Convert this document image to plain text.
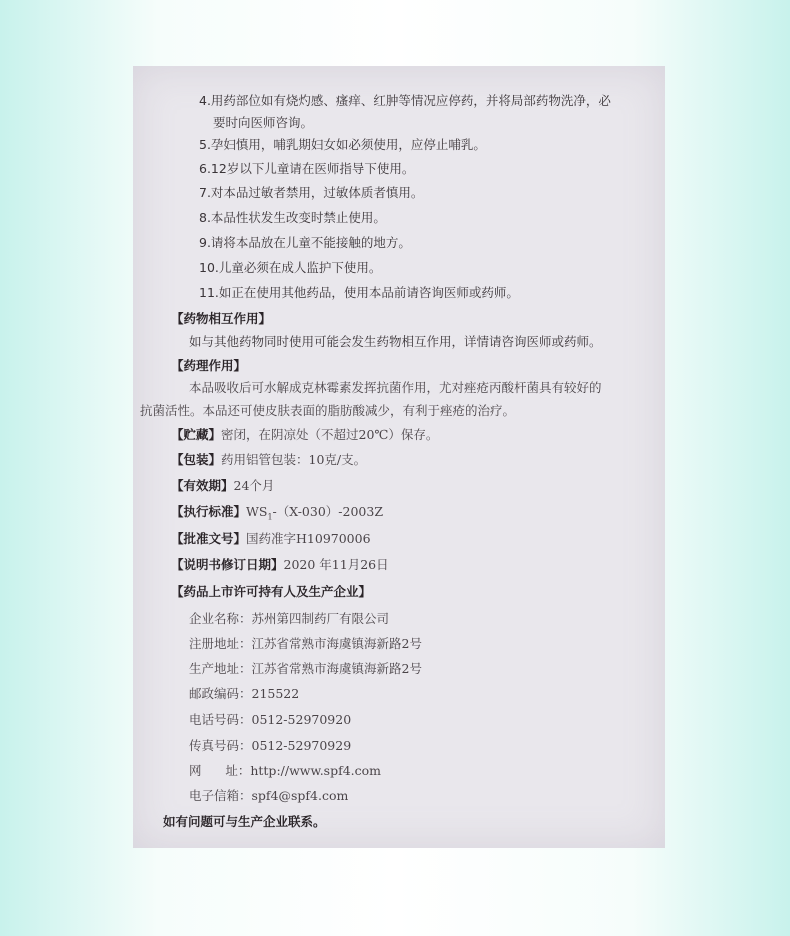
4.用药部位如有烧灼感、瘙痒、红肿等情况应停药，并将局部药物洗净，必
要时向医师咨询。
5.孕妇慎用，哺乳期妇女如必须使用，应停止哺乳。
6.12岁以下儿童请在医师指导下使用。
7.对本品过敏者禁用，过敏体质者慎用。
8.本品性状发生改变时禁止使用。
9.请将本品放在儿童不能接触的地方。
10.儿童必须在成人监护下使用。
11.如正在使用其他药品，使用本品前请咨询医师或药师。
【药物相互作用】
如与其他药物同时使用可能会发生药物相互作用，详情请咨询医师或药师。
【药理作用】
本品吸收后可水解成克林霉素发挥抗菌作用，尤对痤疮丙酸杆菌具有较好的
抗菌活性。本品还可使皮肤表面的脂肪酸减少，有利于痤疮的治疗。
【贮藏】密闭，在阴凉处（不超过20℃）保存。
【包装】药用铝管包装：10克/支。
【有效期】24个月
【执行标准】$WS_1-(X-030)-2003Z$
【批准文号】国药准字H10970006
【说明书修订日期】2020 年11月26日
【药品上市许可持有人及生产企业】
企业名称：苏州第四制药厂有限公司
注册地址：江苏省常熟市海虞镇海新路2号
生产地址：江苏省常熟市海虞镇海新路2号
邮政编码：215522
电话号码：0512-52970920
传真号码：0512-52970929
网      址：http://www.spf4.com
电子信箱：spf4@spf4.com
如有问题可与生产企业联系。
